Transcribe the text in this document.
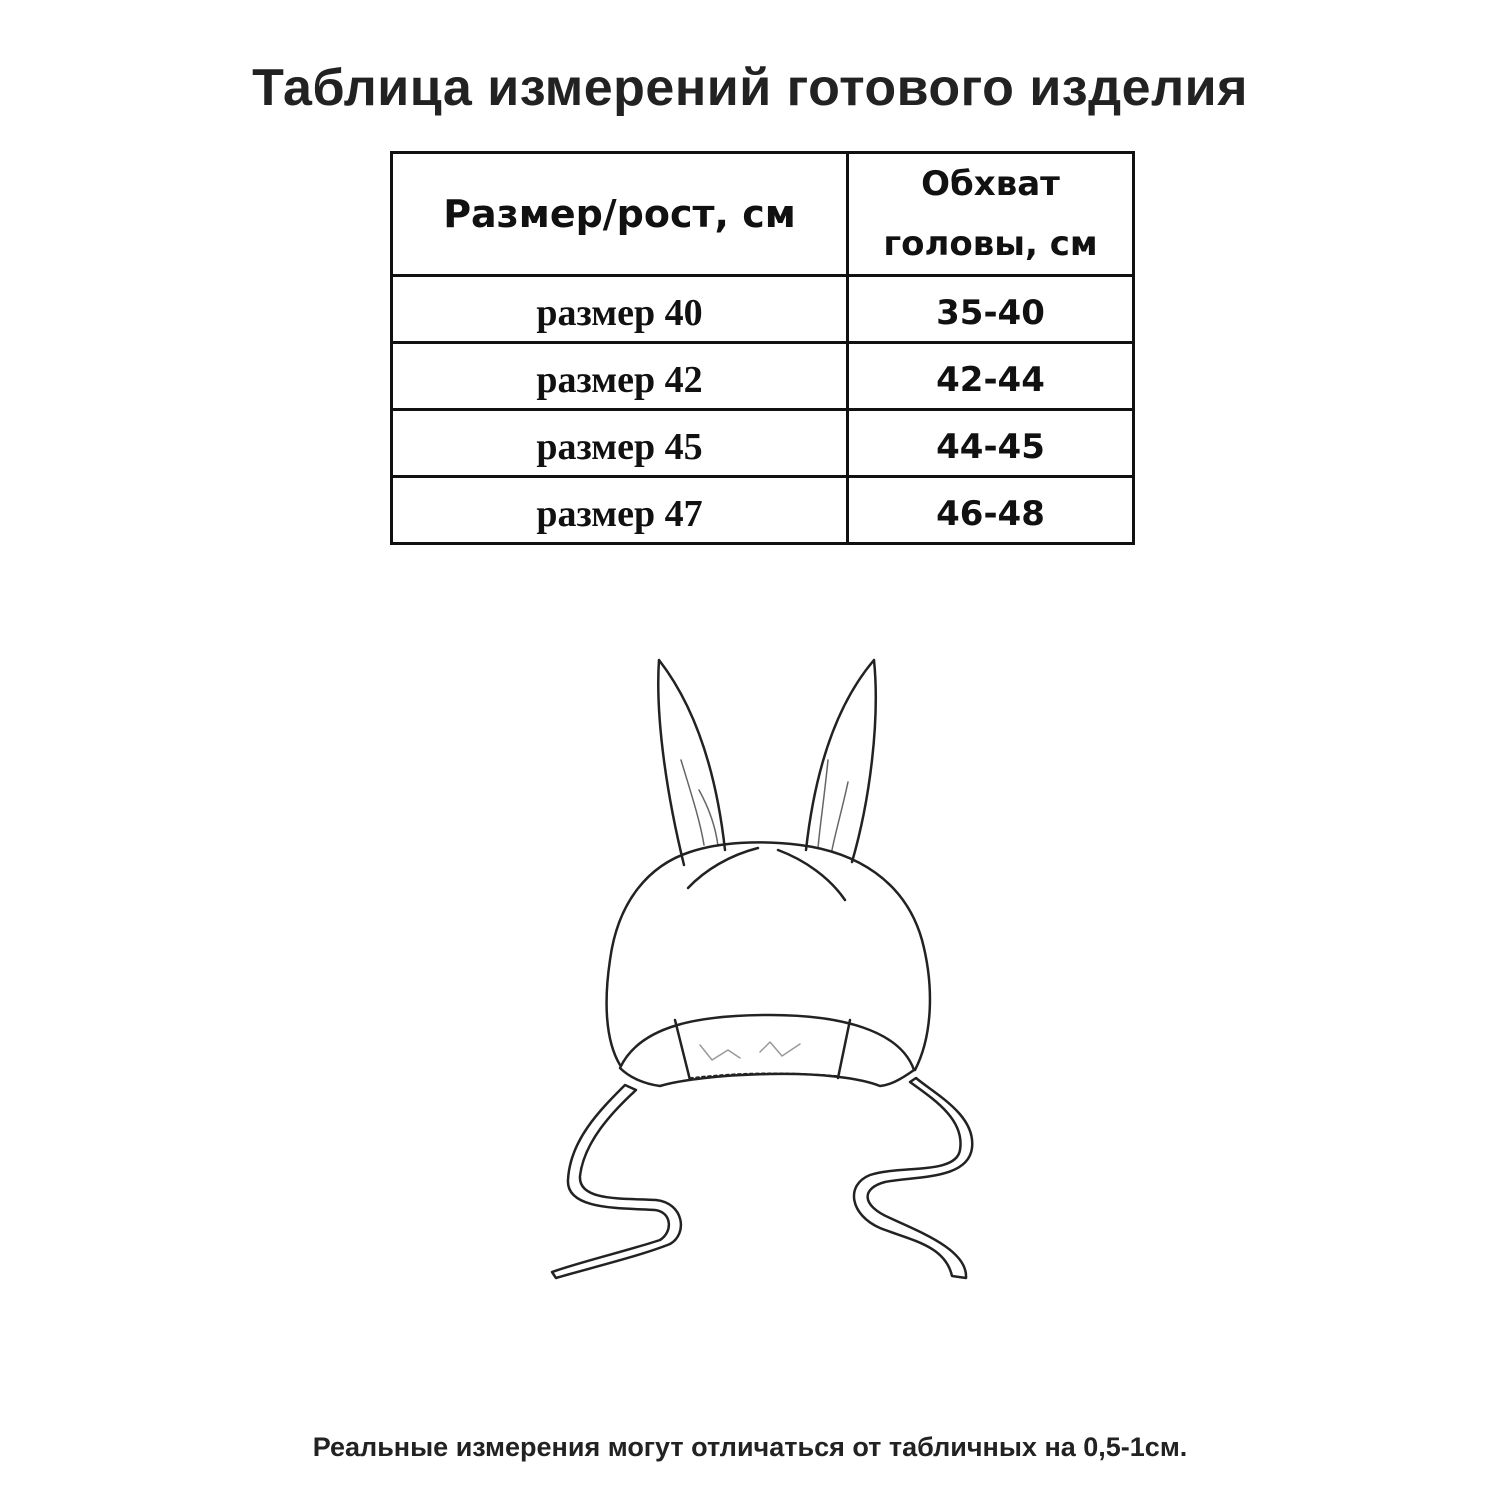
Таблица измерений готового изделия
Размер/рост, см	Обхват
головы, см
размер 40	35-40
размер 42	42-44
размер 45	44-45
размер 47	46-48
Реальные измерения могут отличаться от табличных на 0,5-1см.
